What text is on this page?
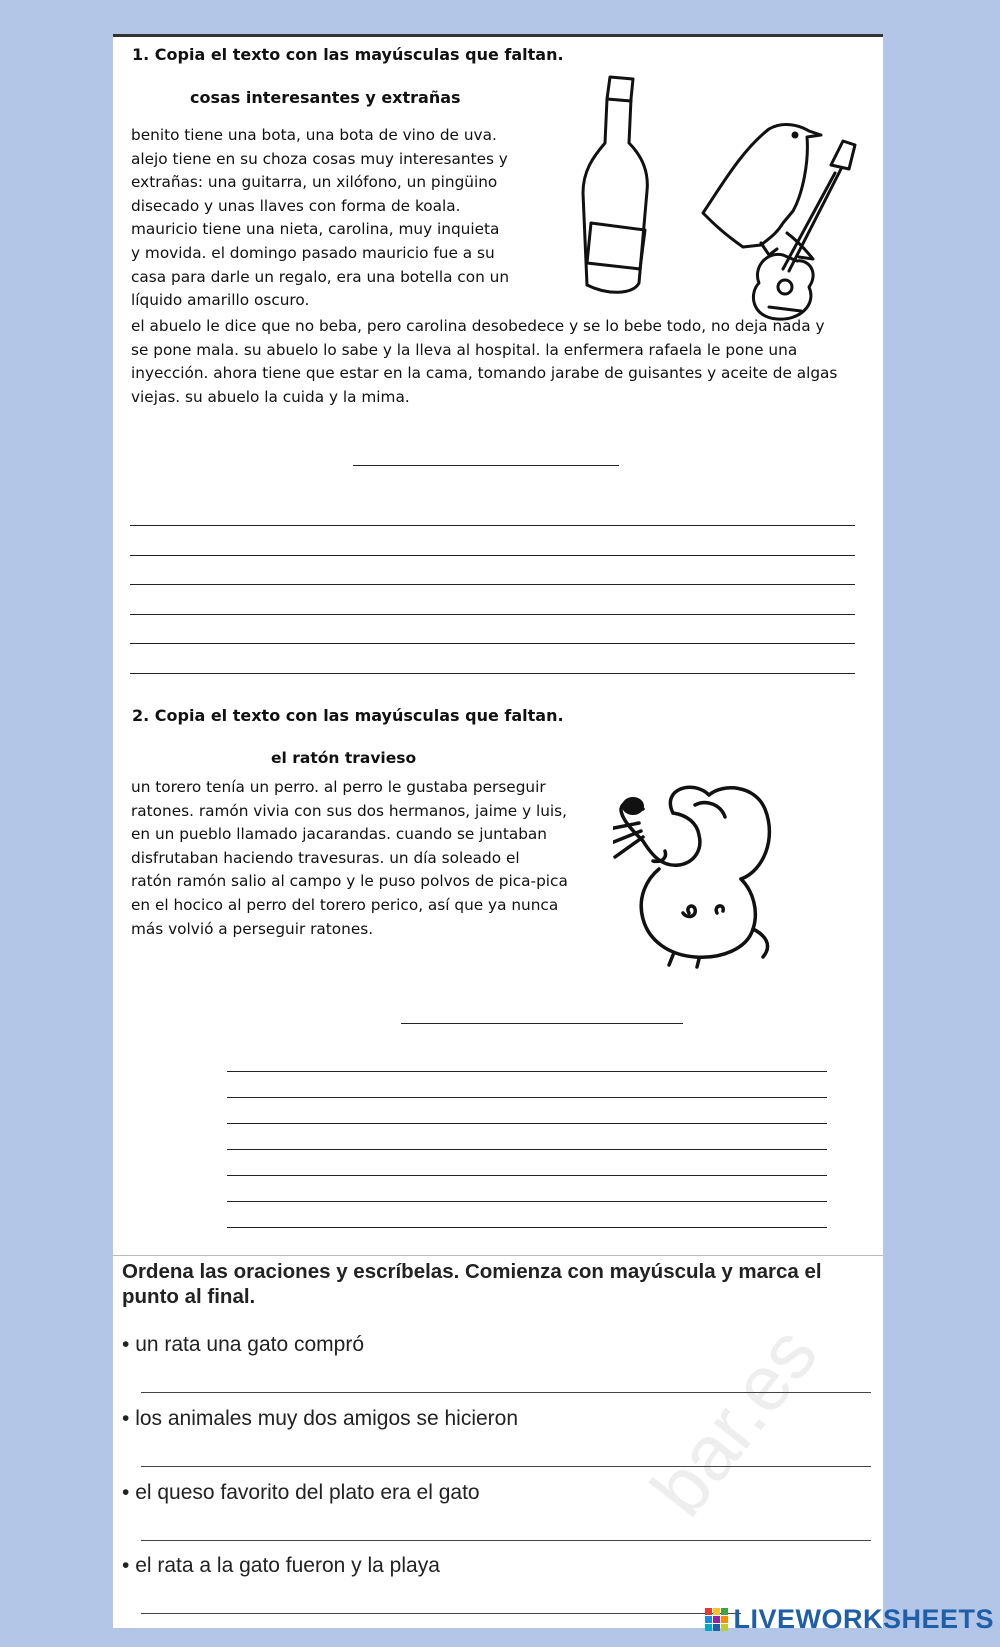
1. Copia el texto con las mayúsculas que faltan.
cosas interesantes y extrañas
benito tiene una bota, una bota de vino de uva.
alejo tiene en su choza cosas muy interesantes y
extrañas: una guitarra, un xilófono, un pingüino
disecado y unas llaves con forma de koala.
mauricio tiene una nieta, carolina, muy inquieta
y movida. el domingo pasado mauricio fue a su
casa para darle un regalo, era una botella con un
líquido amarillo oscuro.
el abuelo le dice que no beba, pero carolina desobedece y se lo bebe todo, no deja nada y
se pone mala. su abuelo lo sabe y la lleva al hospital. la enfermera rafaela le pone una
inyección. ahora tiene que estar en la cama, tomando jarabe de guisantes y aceite de algas
viejas. su abuelo la cuida y la mima.
2. Copia el texto con las mayúsculas que faltan.
el ratón travieso
un torero tenía un perro. al perro le gustaba perseguir
ratones. ramón vivia con sus dos hermanos, jaime y luis,
en un pueblo llamado jacarandas. cuando se juntaban
disfrutaban haciendo travesuras. un día soleado el
ratón ramón salio al campo y le puso polvos de pica-pica
en el hocico al perro del torero perico, así que ya nunca
más volvió a perseguir ratones.
bar.es
Ordena las oraciones y escríbelas. Comienza con mayúscula y marca el punto al final.
• un rata una gato compró
• los animales muy dos amigos se hicieron
• el queso favorito del plato era el gato
• el rata a la gato fueron y la playa
LIVEWORKSHEETS
